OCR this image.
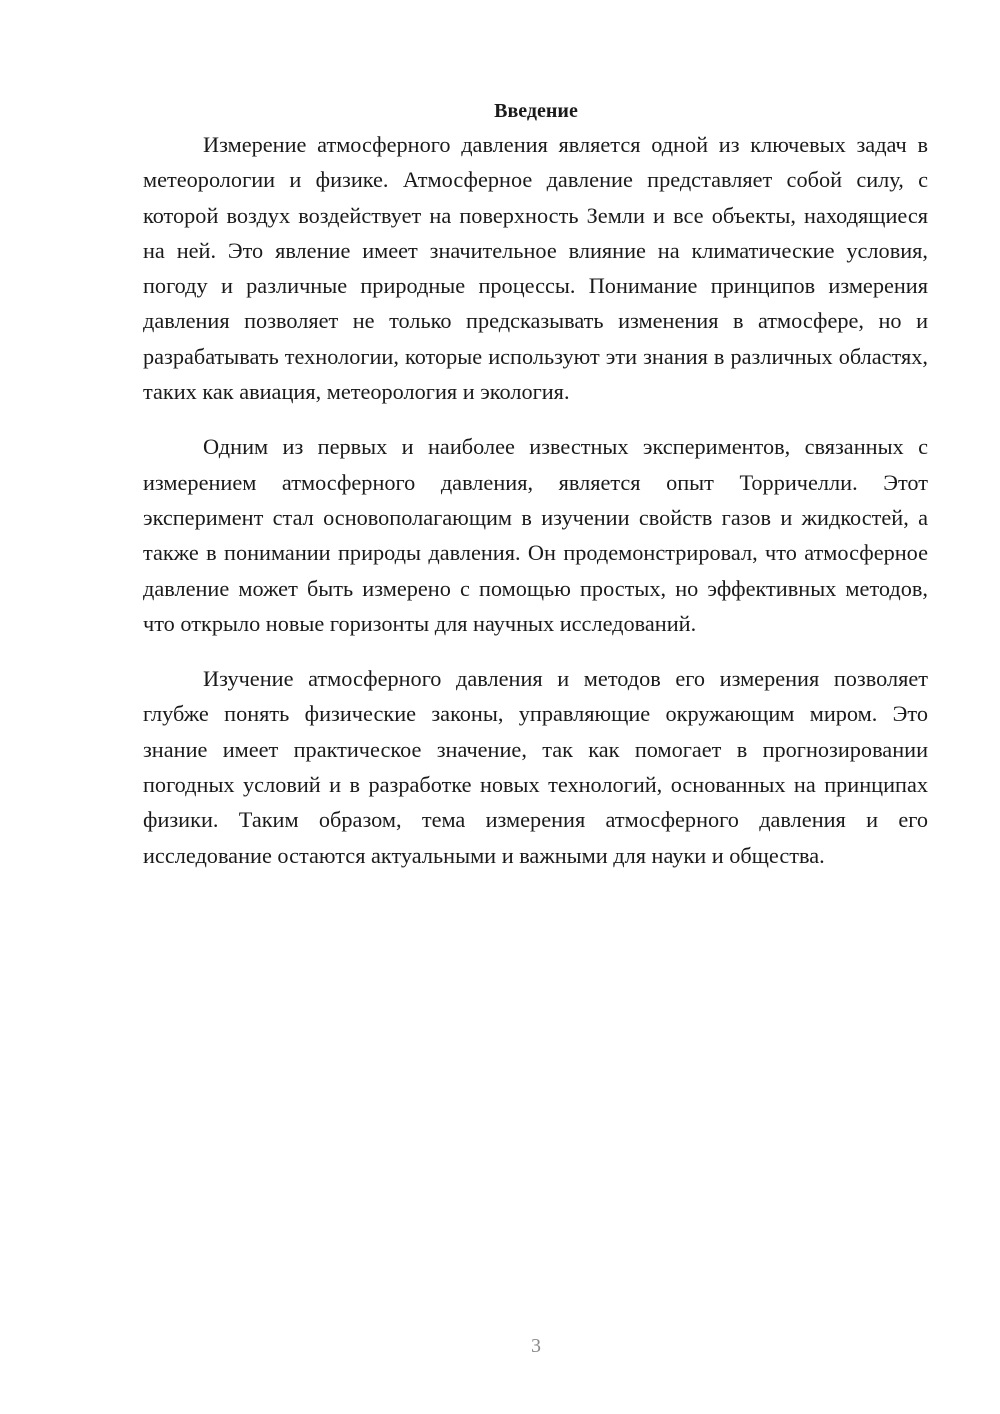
Введение

Измерение атмосферного давления является одной из ключевых задач в метеорологии и физике. Атмосферное давление представляет собой силу, с которой воздух воздействует на поверхность Земли и все объекты, находящиеся на ней. Это явление имеет значительное влияние на климатические условия, погоду и различные природные процессы. Понимание принципов измерения давления позволяет не только предсказывать изменения в атмосфере, но и разрабатывать технологии, которые используют эти знания в различных областях, таких как авиация, метеорология и экология.

Одним из первых и наиболее известных экспериментов, связанных с измерением атмосферного давления, является опыт Торричелли. Этот эксперимент стал основополагающим в изучении свойств газов и жидкостей, а также в понимании природы давления. Он продемонстрировал, что атмосферное давление может быть измерено с помощью простых, но эффективных методов, что открыло новые горизонты для научных исследований.

Изучение атмосферного давления и методов его измерения позволяет глубже понять физические законы, управляющие окружающим миром. Это знание имеет практическое значение, так как помогает в прогнозировании погодных условий и в разработке новых технологий, основанных на принципах физики. Таким образом, тема измерения атмосферного давления и его исследование остаются актуальными и важными для науки и общества.

3
